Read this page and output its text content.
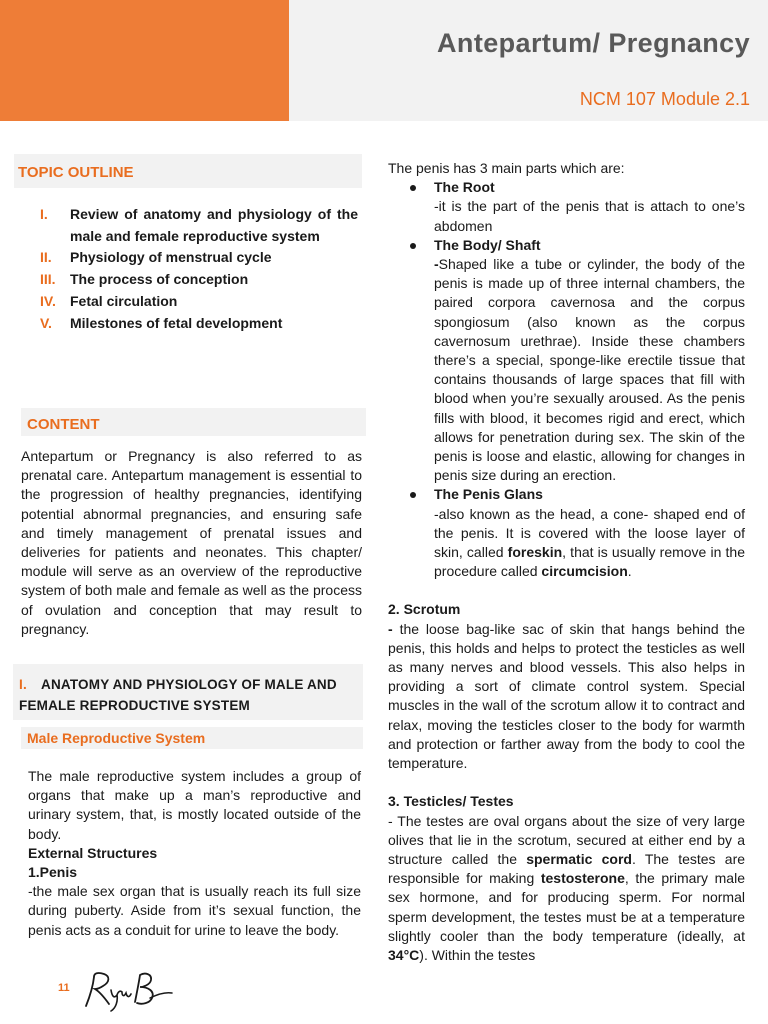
Antepartum/ Pregnancy
NCM 107 Module 2.1
TOPIC OUTLINE
I.	Review of anatomy and physiology of the male and female reproductive system
II.	Physiology of menstrual cycle
III.	The process of conception
IV.	Fetal circulation
V.	Milestones of fetal development
CONTENT

Antepartum or Pregnancy is also referred to as prenatal care. Antepartum management is essential to the progression of healthy pregnancies, identifying potential abnormal pregnancies, and ensuring safe and timely management of prenatal issues and deliveries for patients and neonates. This chapter/ module will serve as an overview of the reproductive system of both male and female as well as the process of ovulation and conception that may result to pregnancy.

I. ANATOMY AND PHYSIOLOGY OF MALE AND FEMALE REPRODUCTIVE SYSTEM
Male Reproductive System

The male reproductive system includes a group of organs that make up a man’s reproductive and urinary system, that, is mostly located outside of the body.

External Structures

1.Penis

-the male sex organ that is usually reach its full size during puberty. Aside from it’s sexual function, the penis acts as a conduit for urine to leave the body.

The penis has 3 main parts which are:

The Root

-it is the part of the penis that is attach to one’s abdomen

The Body/ Shaft

-Shaped like a tube or cylinder, the body of the penis is made up of three internal chambers, the paired corpora cavernosa and the corpus spongiosum (also known as the corpus cavernosum urethrae). Inside these chambers there’s a special, sponge-like erectile tissue that contains thousands of large spaces that fill with blood when you’re sexually aroused. As the penis fills with blood, it becomes rigid and erect, which allows for penetration during sex. The skin of the penis is loose and elastic, allowing for changes in penis size during an erection.

The Penis Glans

-also known as the head, a cone- shaped end of the penis. It is covered with the loose layer of skin, called foreskin, that is usually remove in the procedure called circumcision.

2. Scrotum

- the loose bag-like sac of skin that hangs behind the penis, this holds and helps to protect the testicles as well as many nerves and blood vessels. This also helps in providing a sort of climate control system. Special muscles in the wall of the scrotum allow it to contract and relax, moving the testicles closer to the body for warmth and protection or farther away from the body to cool the temperature.

3. Testicles/ Testes

- The testes are oval organs about the size of very large olives that lie in the scrotum, secured at either end by a structure called the spermatic cord. The testes are responsible for making testosterone, the primary male sex hormone, and for producing sperm. For normal sperm development, the testes must be at a temperature slightly cooler than the body temperature (ideally, at 34°C). Within the testes

11
